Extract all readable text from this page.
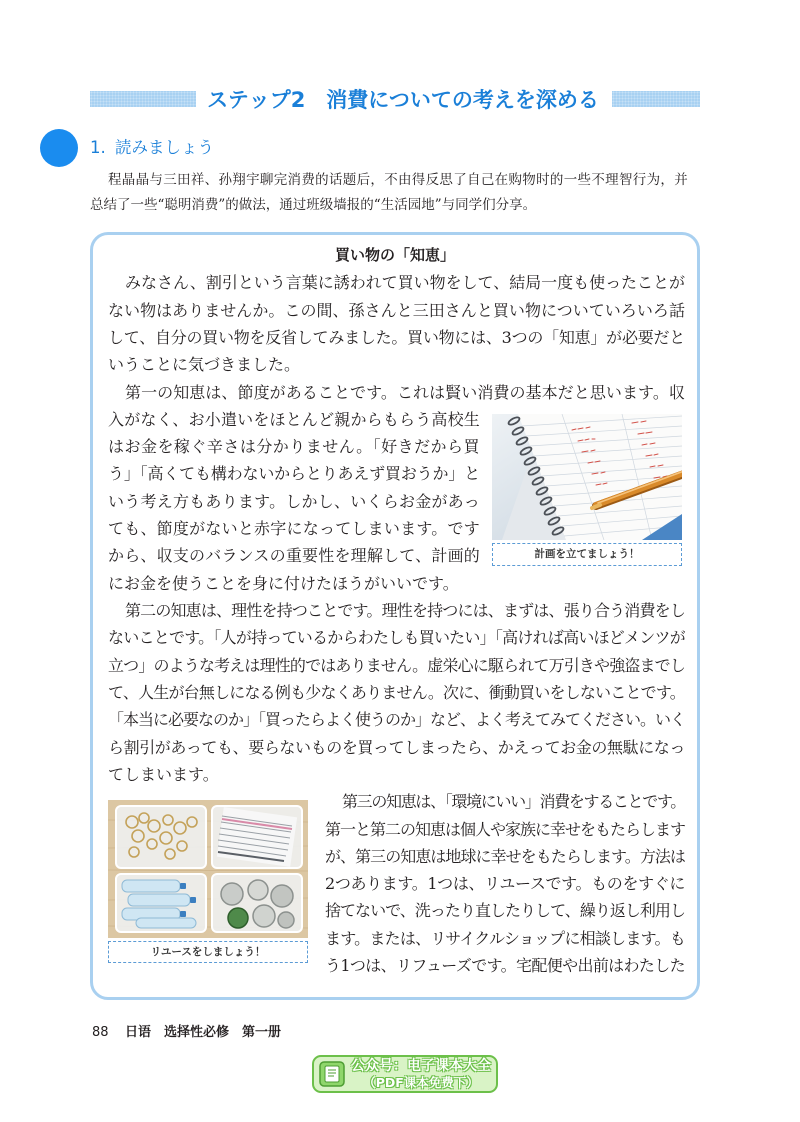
ステップ2　消費についての考えを深める
1. 読みましょう
程晶晶与三田祥、孙翔宇聊完消费的话题后，不由得反思了自己在购物时的一些不理智行为，并
总结了一些“聪明消费”的做法，通过班级墙报的“生活园地”与同学们分享。
買い物の「知恵」
みなさん、割引という言葉に誘われて買い物をして、結局一度も使ったことが
ない物はありませんか。この間、孫さんと三田さんと買い物についていろいろ話
して、自分の買い物を反省してみました。買い物には、3つの「知恵」が必要だと
いうことに気づきました。
第一の知恵は、節度があることです。これは賢い消費の基本だと思います。収
入がなく、お小遣いをほとんど親からもらう高校生
はお金を稼ぐ辛さは分かりません。「好きだから買
う」「高くても構わないからとりあえず買おうか」と
いう考え方もあります。しかし、いくらお金があっ
ても、節度がないと赤字になってしまいます。です
から、収支のバランスの重要性を理解して、計画的
にお金を使うことを身に付けたほうがいいです。
第二の知恵は、理性を持つことです。理性を持つには、まずは、張り合う消費をし
ないことです。「人が持っているからわたしも買いたい」「高ければ高いほどメンツが
立つ」のような考えは理性的ではありません。虚栄心に駆られて万引きや強盗までし
て、人生が台無しになる例も少なくありません。次に、衝動買いをしないことです。
「本当に必要なのか」「買ったらよく使うのか」など、よく考えてみてください。いく
ら割引があっても、要らないものを買ってしまったら、かえってお金の無駄になっ
てしまいます。
第三の知恵は、「環境にいい」消費をすることです。
第一と第二の知恵は個人や家族に幸せをもたらします
が、第三の知恵は地球に幸せをもたらします。方法は
2つあります。1つは、リユースです。ものをすぐに
捨てないで、洗ったり直したりして、繰り返し利用し
ます。または、リサイクルショップに相談します。も
う1つは、リフューズです。宅配便や出前はわたした
計画を立てましょう！
リユースをしましょう！
88 日语　选择性必修　第一册
公众号：电子课本大全
（PDF课本免费下）
